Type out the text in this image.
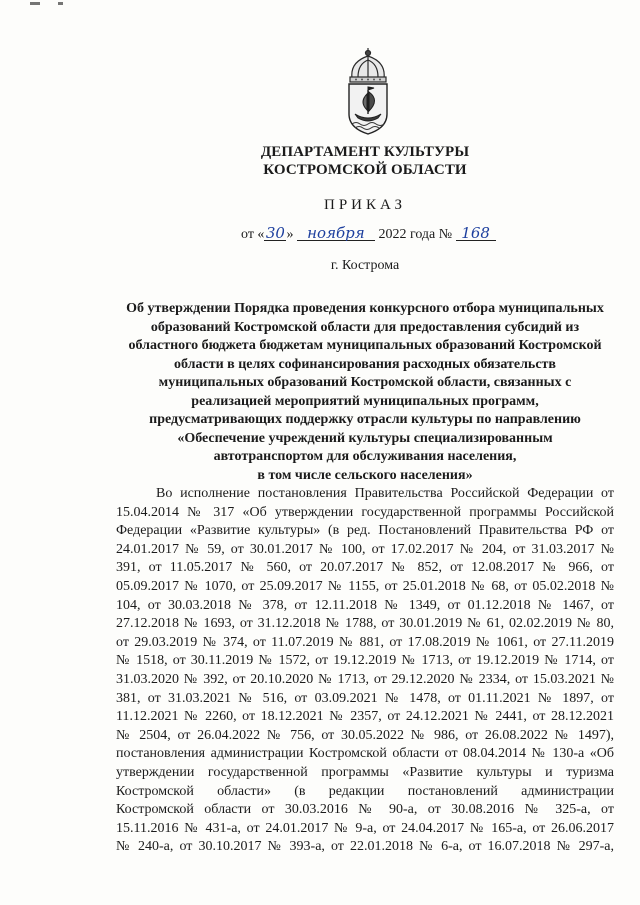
ДЕПАРТАМЕНТ КУЛЬТУРЫ
КОСТРОМСКОЙ ОБЛАСТИ
ПРИКАЗ
от «30» ноября 2022 года № 168
г. Кострома
Об утверждении Порядка проведения конкурсного отбора муниципальных
образований Костромской области для предоставления субсидий из
областного бюджета бюджетам муниципальных образований Костромской
области в целях софинансирования расходных обязательств
муниципальных образований Костромской области, связанных с
реализацией мероприятий муниципальных программ,
предусматривающих поддержку отрасли культуры по направлению
«Обеспечение учреждений культуры специализированным
автотранспортом для обслуживания населения,
в том числе сельского населения»
Во исполнение постановления Правительства Российской Федерации от
15.04.2014 № 317 «Об утверждении государственной программы Российской
Федерации «Развитие культуры» (в ред. Постановлений Правительства РФ от
24.01.2017 № 59, от 30.01.2017 № 100, от 17.02.2017 № 204, от 31.03.2017 №
391, от 11.05.2017 № 560, от 20.07.2017 № 852, от 12.08.2017 № 966, от
05.09.2017 № 1070, от 25.09.2017 № 1155, от 25.01.2018 № 68, от 05.02.2018 №
104, от 30.03.2018 № 378, от 12.11.2018 № 1349, от 01.12.2018 № 1467, от
27.12.2018 № 1693, от 31.12.2018 № 1788, от 30.01.2019 № 61, 02.02.2019 № 80,
от 29.03.2019 № 374, от 11.07.2019 № 881, от 17.08.2019 № 1061, от 27.11.2019
№ 1518, от 30.11.2019 № 1572, от 19.12.2019 № 1713, от 19.12.2019 № 1714, от
31.03.2020 № 392, от 20.10.2020 № 1713, от 29.12.2020 № 2334, от 15.03.2021 №
381, от 31.03.2021 № 516, от 03.09.2021 № 1478, от 01.11.2021 № 1897, от
11.12.2021 № 2260, от 18.12.2021 № 2357, от 24.12.2021 № 2441, от 28.12.2021
№ 2504, от 26.04.2022 № 756, от 30.05.2022 № 986, от 26.08.2022 № 1497),
постановления администрации Костромской области от 08.04.2014 № 130-а «Об
утверждении государственной программы «Развитие культуры и туризма
Костромской области» (в редакции постановлений администрации
Костромской области от 30.03.2016 № 90-а, от 30.08.2016 № 325-а, от
15.11.2016 № 431-а, от 24.01.2017 № 9-а, от 24.04.2017 № 165-а, от 26.06.2017
№ 240-а, от 30.10.2017 № 393-а, от 22.01.2018 № 6-а, от 16.07.2018 № 297-а,
